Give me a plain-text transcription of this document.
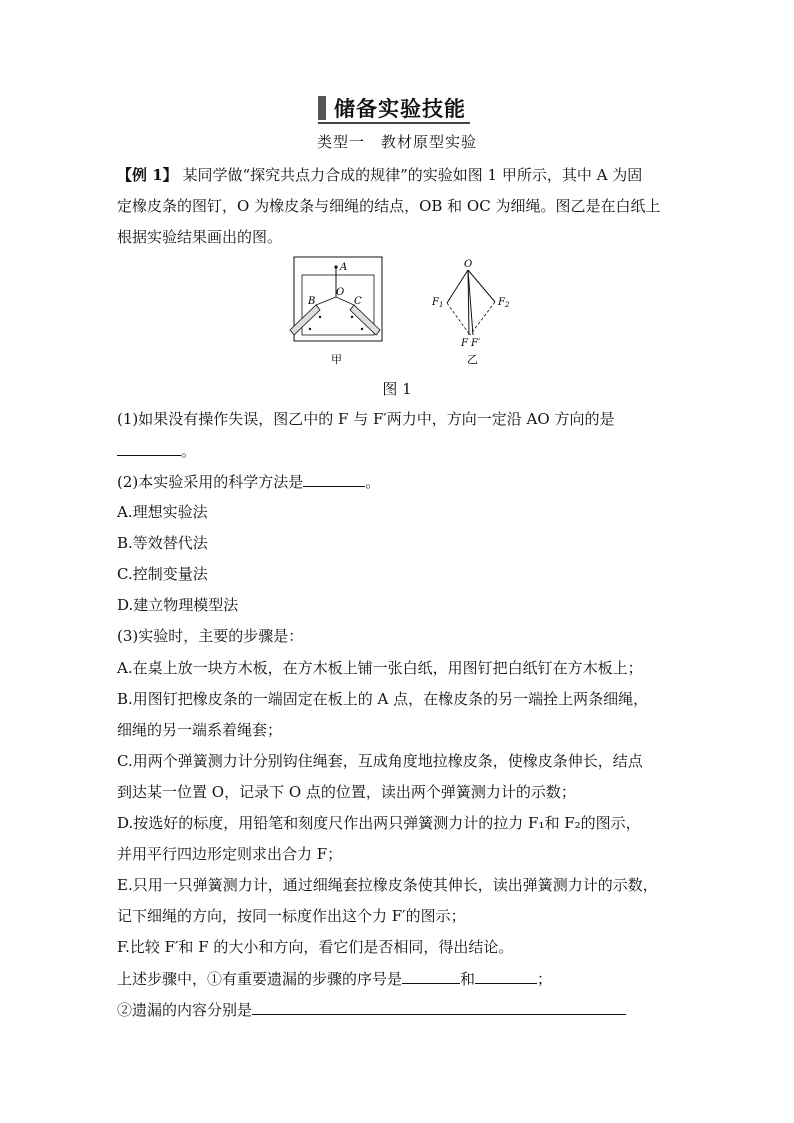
储备实验技能
类型一　教材原型实验
【例 1】 某同学做“探究共点力合成的规律”的实验如图 1 甲所示，其中 A 为固
定橡皮条的图钉，O 为橡皮条与细绳的结点，OB 和 OC 为细绳。图乙是在白纸上
根据实验结果画出的图。
A
B
O
C
甲
O
$F_1$	$F_2$
F F′
乙
图 1
(1)如果没有操作失误，图乙中的 F 与 F′两力中，方向一定沿 AO 方向的是
。
(2)本实验采用的科学方法是	。
A.理想实验法
B.等效替代法
C.控制变量法
D.建立物理模型法
(3)实验时，主要的步骤是：
A.在桌上放一块方木板，在方木板上铺一张白纸，用图钉把白纸钉在方木板上；
B.用图钉把橡皮条的一端固定在板上的 A 点，在橡皮条的另一端拴上两条细绳，
细绳的另一端系着绳套；
C.用两个弹簧测力计分别钩住绳套，互成角度地拉橡皮条，使橡皮条伸长，结点
到达某一位置 O，记录下 O 点的位置，读出两个弹簧测力计的示数；
D.按选好的标度，用铅笔和刻度尺作出两只弹簧测力计的拉力 F₁和 F₂的图示，
并用平行四边形定则求出合力 F；
E.只用一只弹簧测力计，通过细绳套拉橡皮条使其伸长，读出弹簧测力计的示数，
记下细绳的方向，按同一标度作出这个力 F′的图示；
F.比较 F′和 F 的大小和方向，看它们是否相同，得出结论。
上述步骤中，①有重要遗漏的步骤的序号是	和	；
②遗漏的内容分别是
